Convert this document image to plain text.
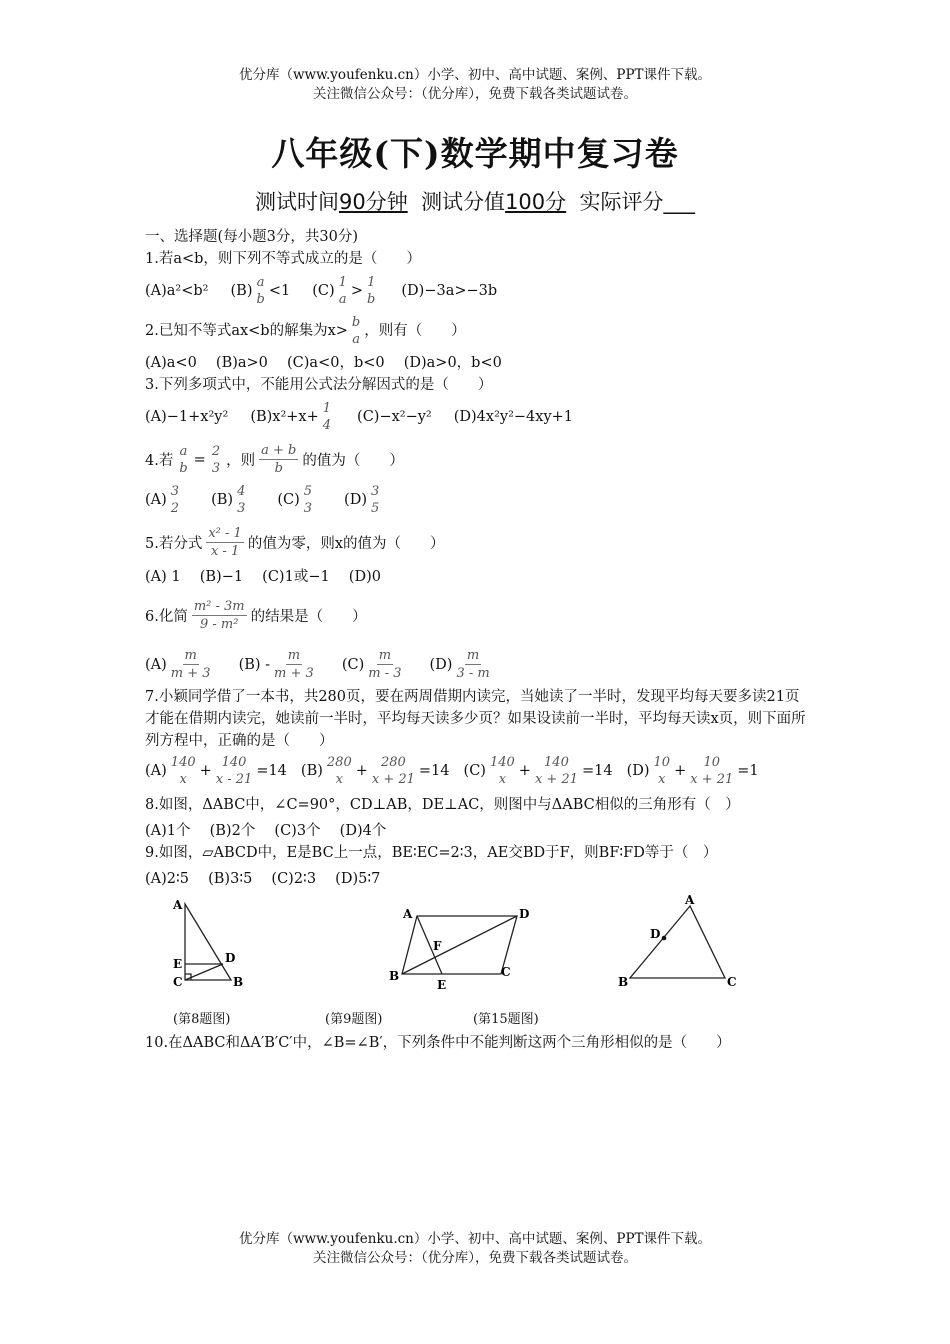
优分库（www.youfenku.cn）小学、初中、高中试题、案例、PPT课件下载。
关注微信公众号：（优分库），免费下载各类试题试卷。
八年级(下)数学期中复习卷
测试时间90分钟 测试分值100分 实际评分___
一、选择题(每小题3分，共30分)
1.若a<b，则下列不等式成立的是（　　）
(A)a²<b² (B)
a
b
<1 (C)
1
a
>
1
b
(D)−3a>−3b
2.已知不等式ax<b的解集为x>
b
a
，则有（　　）
(A)a<0　 (B)a>0　 (C)a<0，b<0　 (D)a>0，b<0
3.下列多项式中，不能用公式法分解因式的是（　　）
(A)−1+x²y² (B)x²+x+
1
4
(C)−x²−y² (D)4x²y²−4xy+1
4.若
a
b
=
2
3 ，则 $\frac{a + b}{b}$ 的值为（　　）
(A)
3
2
(B)
4
3
(C)
5
3
(D)
3
5
5.若分式 $\frac{\text{x² - 1}}{x - 1}$ 的值为零，则x的值为（　　）
(A) 1　 (B)−1　 (C)1或−1　 (D)0
6.化简 $\frac{\text{m² - 3m}}{\text{9 - m²}}$ 的结果是（　　）
$(A) \frac{m}{m + 3} (B) - \frac{m}{m + 3} (C) \frac{m}{m - 3} (D) \frac{m}{3 - m}$
7.小颖同学借了一本书，共280页，要在两周借期内读完，当她读了一半时，发现平均每天要多读21页才能在借期内读完，她读前一半时，平均每天读多少页？如果设读前一半时，平均每天读x页，则下面所列方程中，正确的是（　　）
(A)
140
x
+
140
x - 21
=14 (B)
280
x
+
280
x + 21
=14 (C)
140
x
+
140
x + 21
=14 (D)
10
x
+
10
x + 21
=1
8.如图，ΔABC中，∠C=90°，CD⊥AB，DE⊥AC，则图中与ΔABC相似的三角形有（　）
(A)1个　 (B)2个　 (C)3个　 (D)4个
9.如图，▱ABCD中，E是BC上一点，BE∶EC=2∶3，AE交BD于F，则BF∶FD等于（　）
(A)2∶5　 (B)3∶5　 (C)2∶3　 (D)5∶7
A
E	D
C	B
A	D
F
B
E
C
A
D
B	C
(第8题图)	(第9题图)	(第15题图)
10.在ΔABC和ΔA′B′C′中，∠B=∠B′，下列条件中不能判断这两个三角形相似的是（　　）
优分库（www.youfenku.cn）小学、初中、高中试题、案例、PPT课件下载。
关注微信公众号：（优分库），免费下载各类试题试卷。
